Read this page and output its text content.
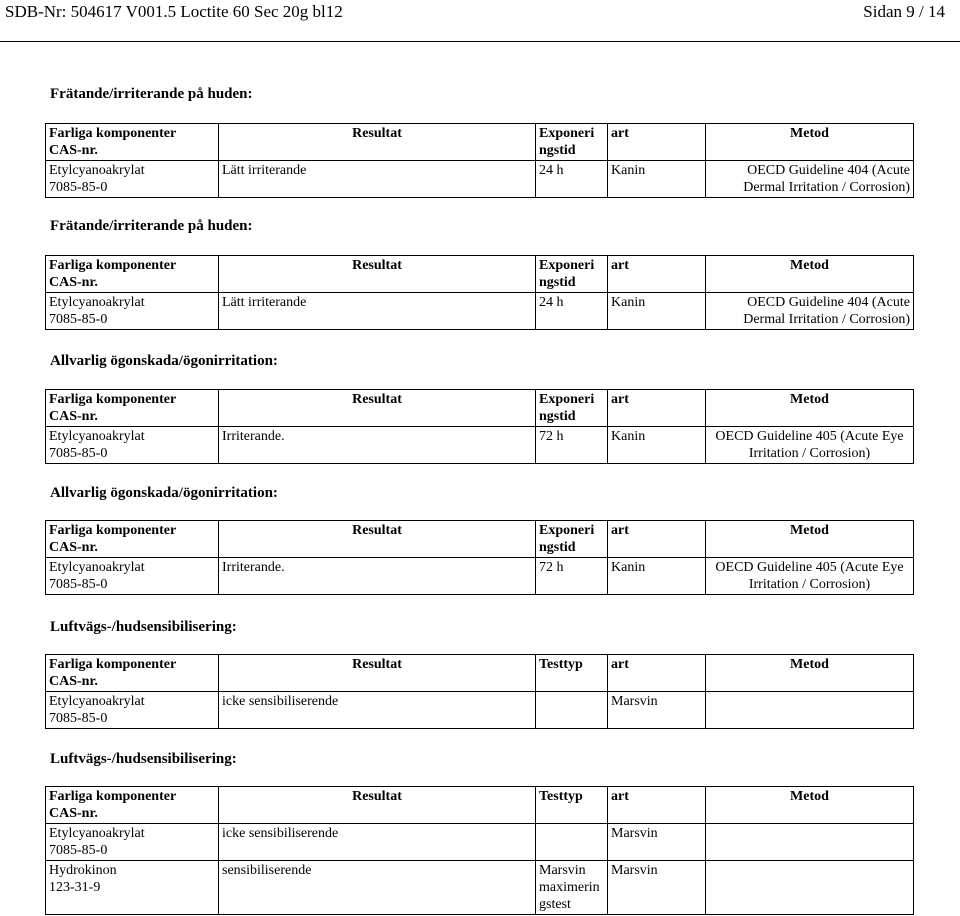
SDB-Nr: 504617 V001.5 Loctite 60 Sec 20g bl12	Sidan 9 / 14
Frätande/irriterande på huden:
Farliga komponenter
CAS-nr.	Resultat	Exponeri ngstid	art	Metod
Etylcyanoakrylat
7085-85-0	Lätt irriterande	24 h	Kanin	OECD Guideline 404 (Acute Dermal Irritation / Corrosion)
Frätande/irriterande på huden:
Farliga komponenter
CAS-nr.	Resultat	Exponeri ngstid	art	Metod
Etylcyanoakrylat
7085-85-0	Lätt irriterande	24 h	Kanin	OECD Guideline 404 (Acute Dermal Irritation / Corrosion)
Allvarlig ögonskada/ögonirritation:
Farliga komponenter
CAS-nr.	Resultat	Exponeri ngstid	art	Metod
Etylcyanoakrylat
7085-85-0	Irriterande.	72 h	Kanin	OECD Guideline 405 (Acute Eye Irritation / Corrosion)
Allvarlig ögonskada/ögonirritation:
Farliga komponenter
CAS-nr.	Resultat	Exponeri ngstid	art	Metod
Etylcyanoakrylat
7085-85-0	Irriterande.	72 h	Kanin	OECD Guideline 405 (Acute Eye Irritation / Corrosion)
Luftvägs-/hudsensibilisering:
Farliga komponenter
CAS-nr.	Resultat	Testtyp	art	Metod
Etylcyanoakrylat
7085-85-0	icke sensibiliserende		Marsvin	
Luftvägs-/hudsensibilisering:
Farliga komponenter
CAS-nr.	Resultat	Testtyp	art	Metod
Etylcyanoakrylat
7085-85-0	icke sensibiliserende		Marsvin	
Hydrokinon
123-31-9	sensibiliserende	Marsvin maximerin gstest	Marsvin	
